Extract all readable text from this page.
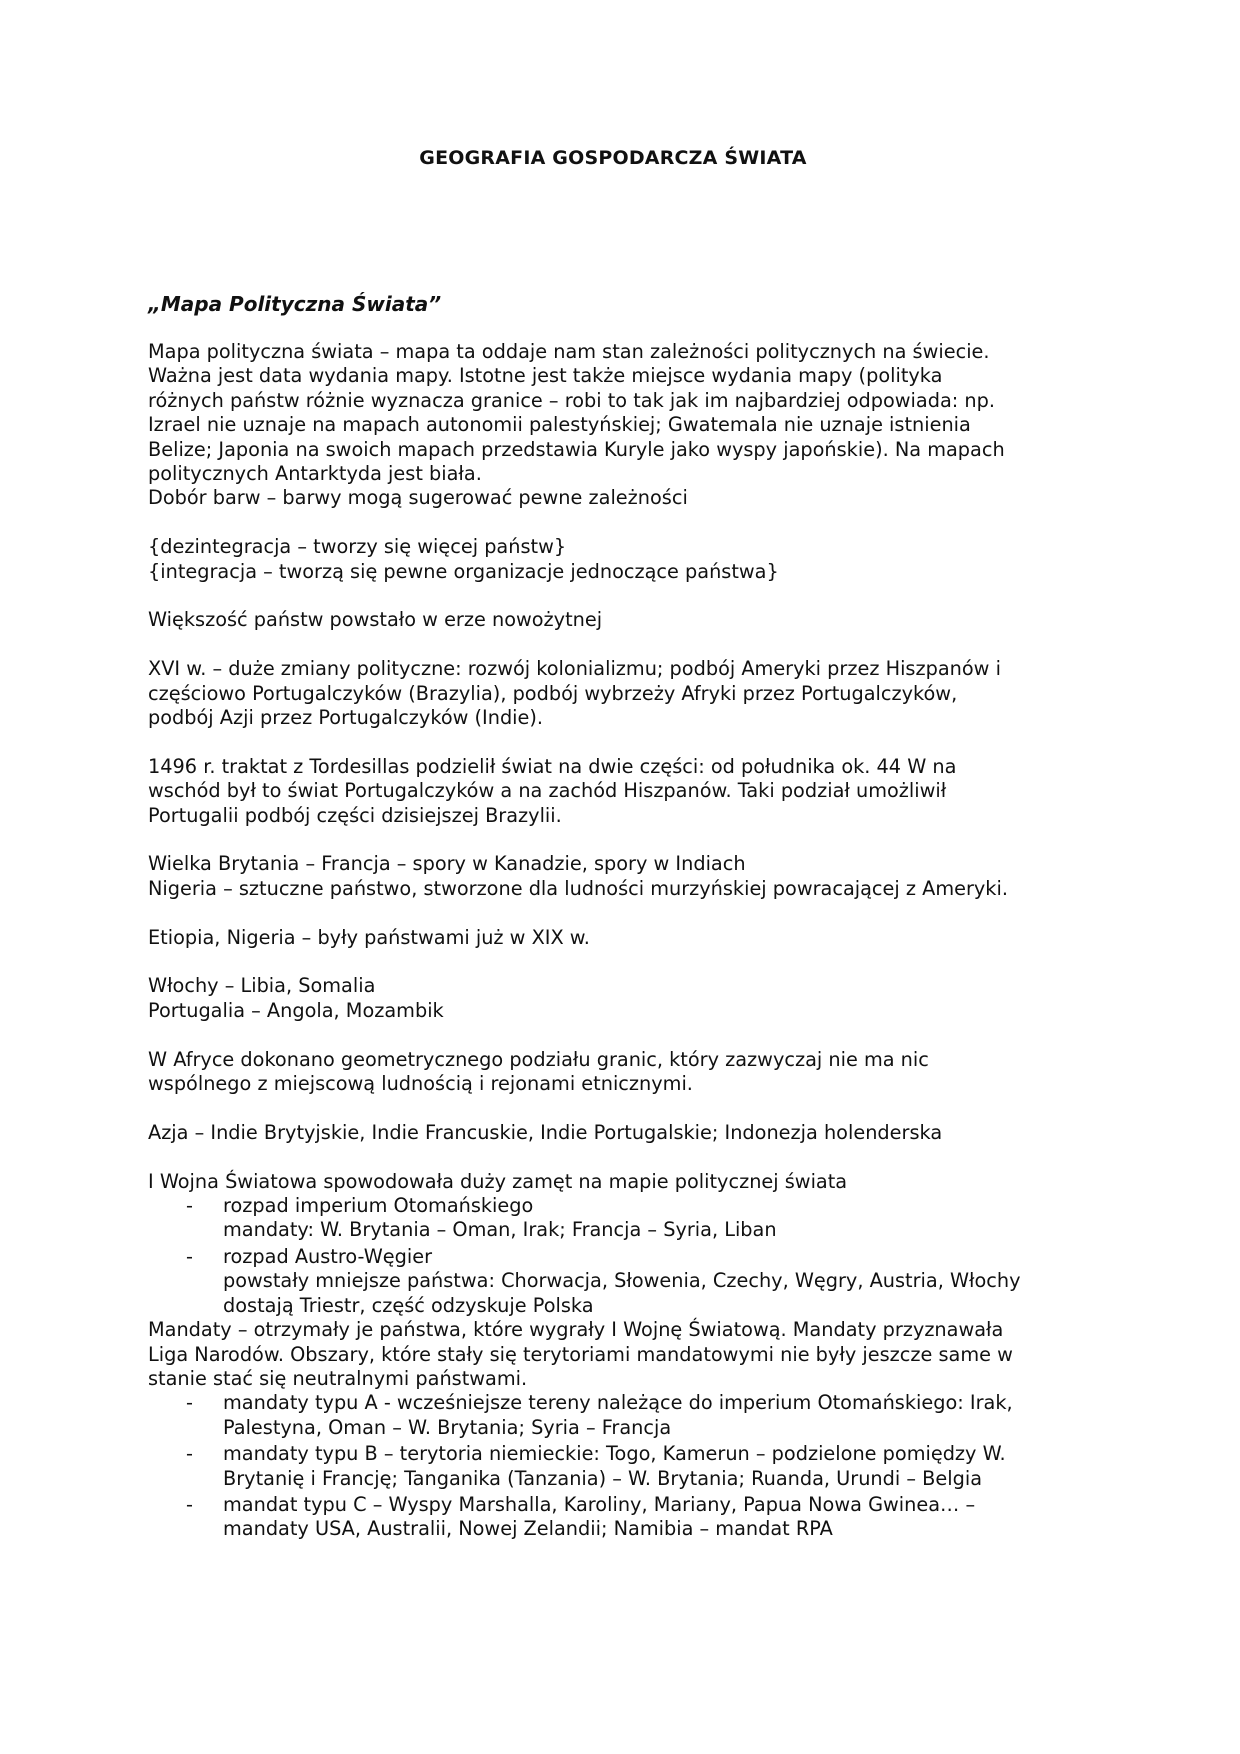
GEOGRAFIA GOSPODARCZA ŚWIATA
„Mapa Polityczna Świata”
Mapa polityczna świata – mapa ta oddaje nam stan zależności politycznych na świecie.
Ważna jest data wydania mapy. Istotne jest także miejsce wydania mapy (polityka
różnych państw różnie wyznacza granice – robi to tak jak im najbardziej odpowiada: np.
Izrael nie uznaje na mapach autonomii palestyńskiej; Gwatemala nie uznaje istnienia
Belize; Japonia na swoich mapach przedstawia Kuryle jako wyspy japońskie). Na mapach
politycznych Antarktyda jest biała.
Dobór barw – barwy mogą sugerować pewne zależności
{dezintegracja – tworzy się więcej państw}
{integracja – tworzą się pewne organizacje jednoczące państwa}
Większość państw powstało w erze nowożytnej
XVI w. – duże zmiany polityczne: rozwój kolonializmu; podbój Ameryki przez Hiszpanów i
częściowo Portugalczyków (Brazylia), podbój wybrzeży Afryki przez Portugalczyków,
podbój Azji przez Portugalczyków (Indie).
1496 r. traktat z Tordesillas podzielił świat na dwie części: od południka ok. 44 W na
wschód był to świat Portugalczyków a na zachód Hiszpanów. Taki podział umożliwił
Portugalii podbój części dzisiejszej Brazylii.
Wielka Brytania – Francja – spory w Kanadzie, spory w Indiach
Nigeria – sztuczne państwo, stworzone dla ludności murzyńskiej powracającej z Ameryki.
Etiopia, Nigeria – były państwami już w XIX w.
Włochy – Libia, Somalia
Portugalia – Angola, Mozambik
W Afryce dokonano geometrycznego podziału granic, który zazwyczaj nie ma nic
wspólnego z miejscową ludnością i rejonami etnicznymi.
Azja – Indie Brytyjskie, Indie Francuskie, Indie Portugalskie; Indonezja holenderska
I Wojna Światowa spowodowała duży zamęt na mapie politycznej świata
- rozpad imperium Otomańskiego
mandaty: W. Brytania – Oman, Irak; Francja – Syria, Liban
- rozpad Austro-Węgier
powstały mniejsze państwa: Chorwacja, Słowenia, Czechy, Węgry, Austria, Włochy
dostają Triestr, część odzyskuje Polska
Mandaty – otrzymały je państwa, które wygrały I Wojnę Światową. Mandaty przyznawała
Liga Narodów. Obszary, które stały się terytoriami mandatowymi nie były jeszcze same w
stanie stać się neutralnymi państwami.
- mandaty typu A - wcześniejsze tereny należące do imperium Otomańskiego: Irak,
Palestyna, Oman – W. Brytania; Syria – Francja
- mandaty typu B – terytoria niemieckie: Togo, Kamerun – podzielone pomiędzy W.
Brytanię i Francję; Tanganika (Tanzania) – W. Brytania; Ruanda, Urundi – Belgia
- mandat typu C – Wyspy Marshalla, Karoliny, Mariany, Papua Nowa Gwinea… –
mandaty USA, Australii, Nowej Zelandii; Namibia – mandat RPA
